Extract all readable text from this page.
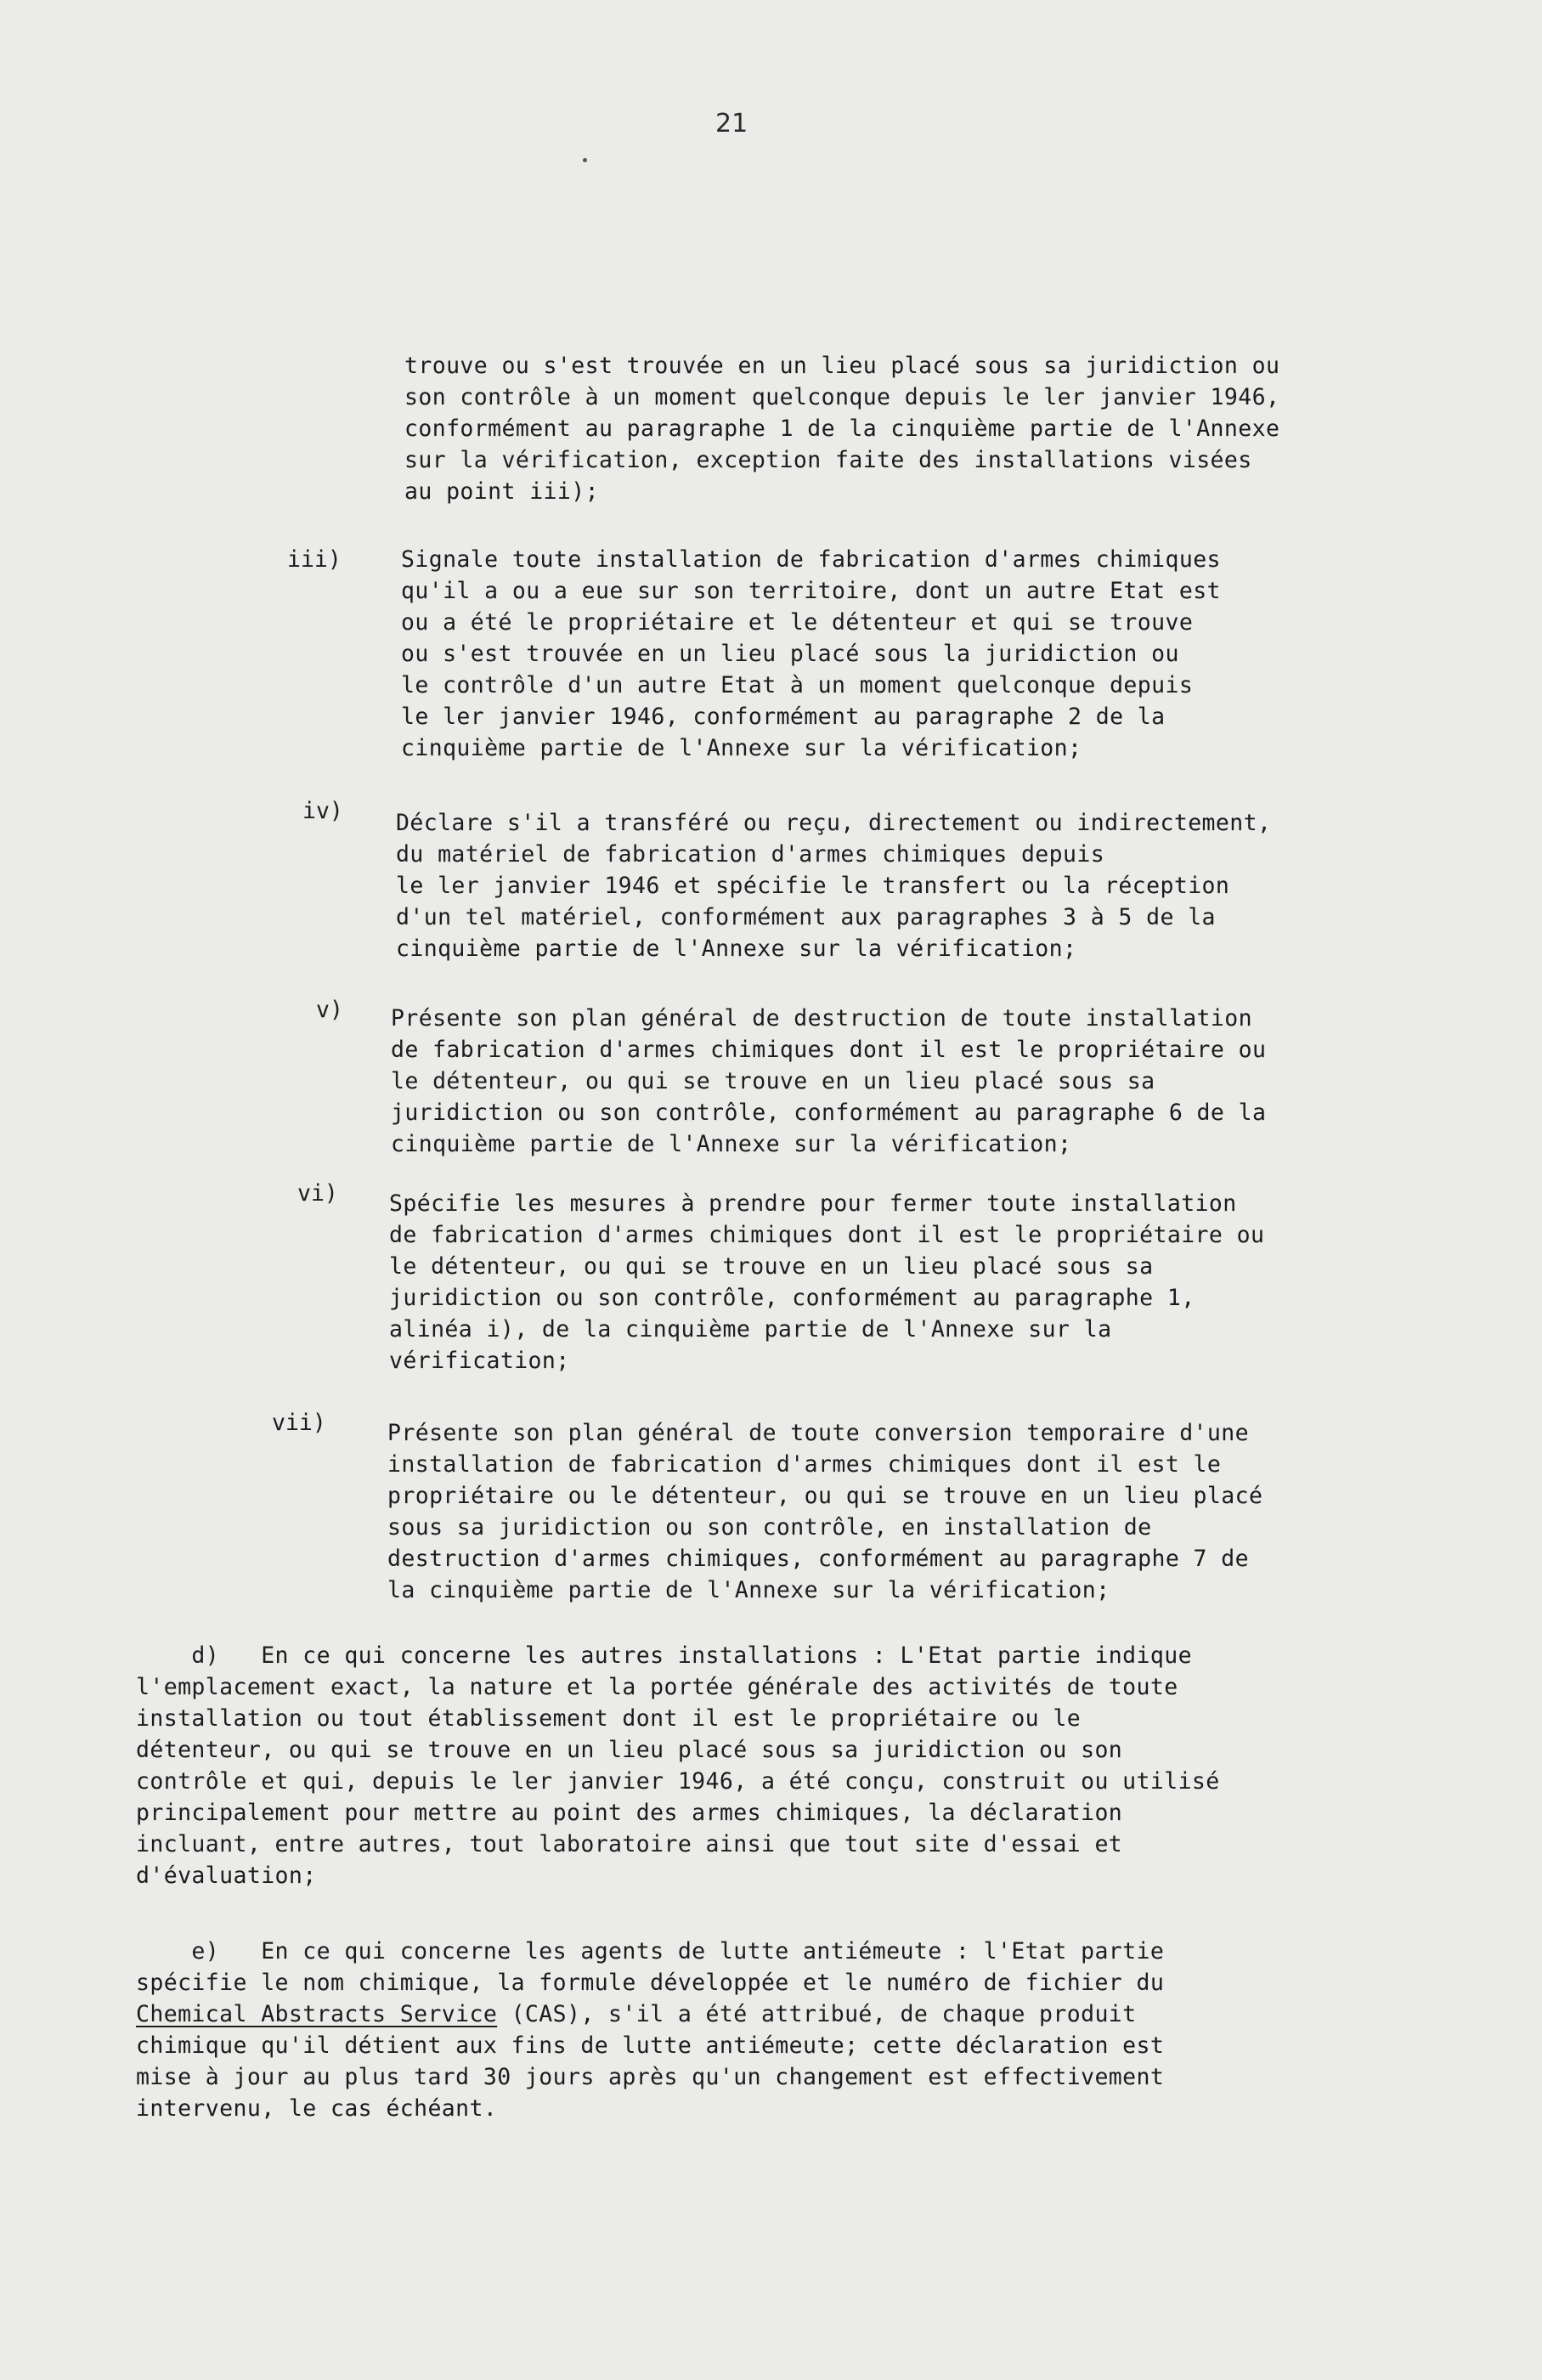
21
trouve ou s'est trouvée en un lieu placé sous sa juridiction ou
son contrôle à un moment quelconque depuis le ler janvier 1946,
conformément au paragraphe 1 de la cinquième partie de l'Annexe
sur la vérification, exception faite des installations visées
au point iii);
iii)	Signale toute installation de fabrication d'armes chimiques
qu'il a ou a eue sur son territoire, dont un autre Etat est
ou a été le propriétaire et le détenteur et qui se trouve
ou s'est trouvée en un lieu placé sous la juridiction ou
le contrôle d'un autre Etat à un moment quelconque depuis
le ler janvier 1946, conformément au paragraphe 2 de la
cinquième partie de l'Annexe sur la vérification;
iv) Déclare s'il a transféré ou reçu, directement ou indirectement,
du matériel de fabrication d'armes chimiques depuis
le ler janvier 1946 et spécifie le transfert ou la réception
d'un tel matériel, conformément aux paragraphes 3 à 5 de la
cinquième partie de l'Annexe sur la vérification;
v) Présente son plan général de destruction de toute installation
de fabrication d'armes chimiques dont il est le propriétaire ou
le détenteur, ou qui se trouve en un lieu placé sous sa
juridiction ou son contrôle, conformément au paragraphe 6 de la
cinquième partie de l'Annexe sur la vérification;
vi) Spécifie les mesures à prendre pour fermer toute installation
de fabrication d'armes chimiques dont il est le propriétaire ou
le détenteur, ou qui se trouve en un lieu placé sous sa
juridiction ou son contrôle, conformément au paragraphe 1,
alinéa i), de la cinquième partie de l'Annexe sur la
vérification;
vii)	Présente son plan général de toute conversion temporaire d'une
installation de fabrication d'armes chimiques dont il est le
propriétaire ou le détenteur, ou qui se trouve en un lieu placé
sous sa juridiction ou son contrôle, en installation de
destruction d'armes chimiques, conformément au paragraphe 7 de
la cinquième partie de l'Annexe sur la vérification;
d)   En ce qui concerne les autres installations : L'Etat partie indique
l'emplacement exact, la nature et la portée générale des activités de toute
installation ou tout établissement dont il est le propriétaire ou le
détenteur, ou qui se trouve en un lieu placé sous sa juridiction ou son
contrôle et qui, depuis le ler janvier 1946, a été conçu, construit ou utilisé
principalement pour mettre au point des armes chimiques, la déclaration
incluant, entre autres, tout laboratoire ainsi que tout site d'essai et
d'évaluation;
e)   En ce qui concerne les agents de lutte antiémeute : l'Etat partie
spécifie le nom chimique, la formule développée et le numéro de fichier du
Chemical Abstracts Service (CAS), s'il a été attribué, de chaque produit
chimique qu'il détient aux fins de lutte antiémeute; cette déclaration est
mise à jour au plus tard 30 jours après qu'un changement est effectivement
intervenu, le cas échéant.
